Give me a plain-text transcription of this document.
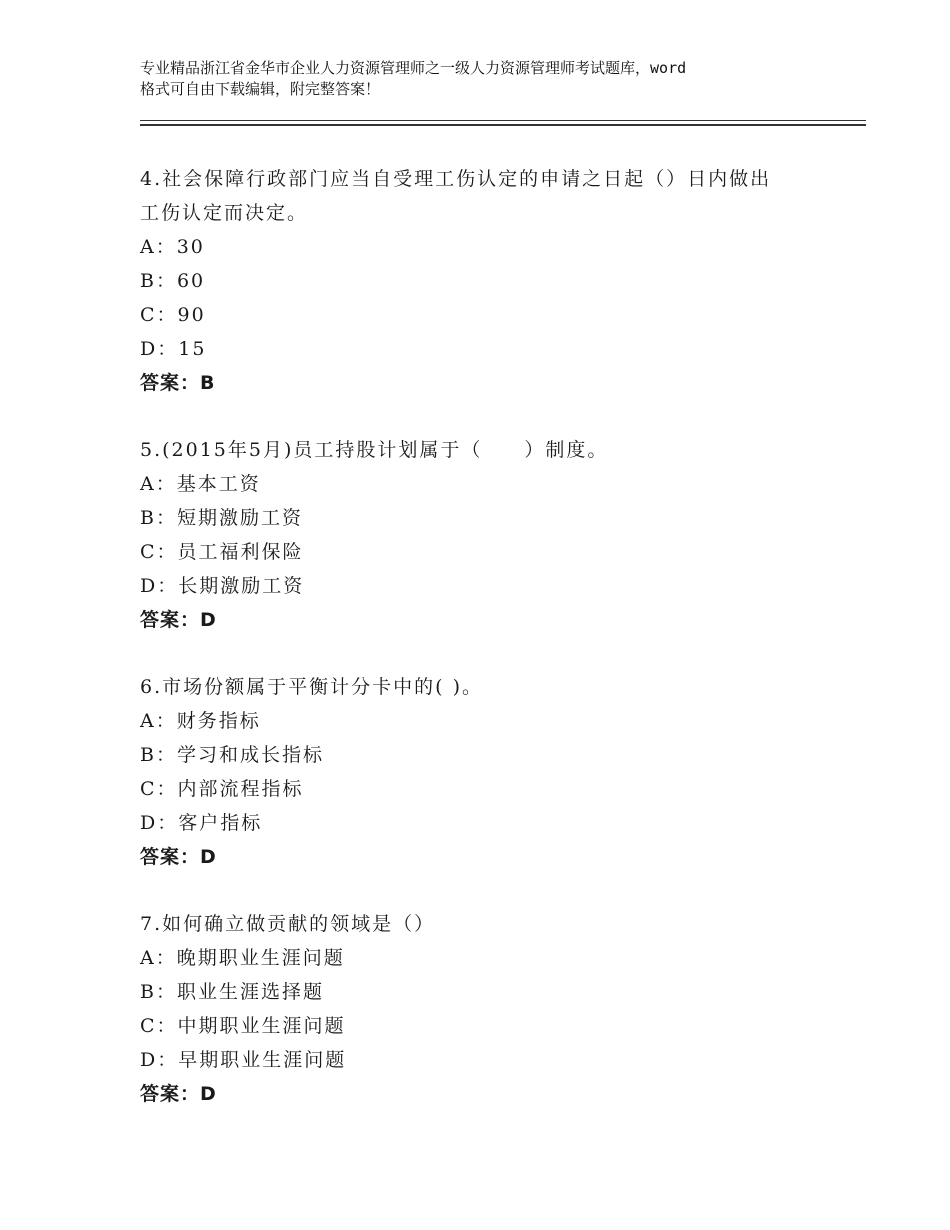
专业精品浙江省金华市企业人力资源管理师之一级人力资源管理师考试题库，word
格式可自由下载编辑，附完整答案！
4.社会保障行政部门应当自受理工伤认定的申请之日起（）日内做出
工伤认定而决定。
A：30
B：60
C：90
D：15
答案：B
5.(2015年5月)员工持股计划属于（　　）制度。
A：基本工资
B：短期激励工资
C：员工福利保险
D：长期激励工资
答案：D
6.市场份额属于平衡计分卡中的( )。
A：财务指标
B：学习和成长指标
C：内部流程指标
D：客户指标
答案：D
7.如何确立做贡献的领域是（）
A：晚期职业生涯问题
B：职业生涯选择题
C：中期职业生涯问题
D：早期职业生涯问题
答案：D
